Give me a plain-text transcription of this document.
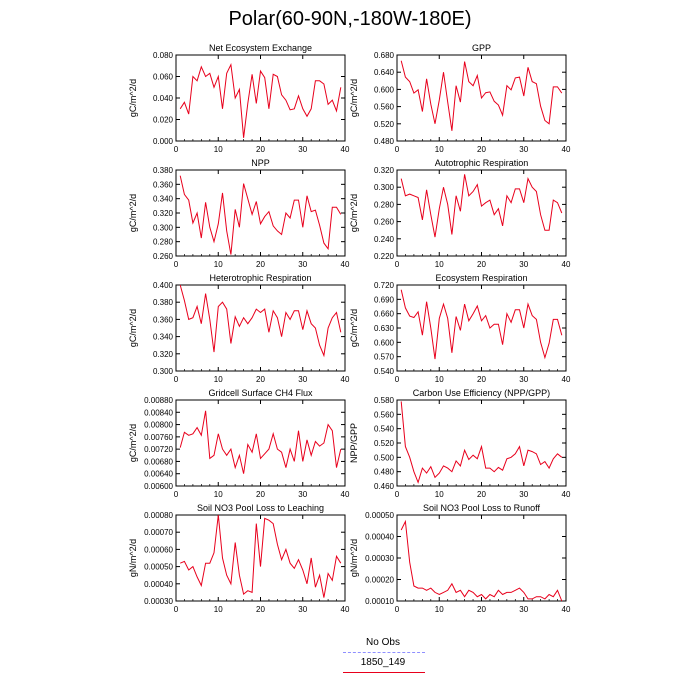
Polar(60-90N,-180W-180E)
Net Ecosystem Exchange
gC/m^2/d
0.000
0.020
0.040
0.060
0.080
0	10	20	30	40
GPP
gC/m^2/d
0.480
0.520
0.560
0.600
0.640
0.680
0	10	20	30	40
NPP
gC/m^2/d
0.260
0.280
0.300
0.320
0.340
0.360
0.380
0	10	20	30	40
Autotrophic Respiration
gC/m^2/d
0.220
0.240
0.260
0.280
0.300
0.320
0	10	20	30	40
Heterotrophic Respiration
gC/m^2/d
0.300
0.320
0.340
0.360
0.380
0.400
0	10	20	30	40
Ecosystem Respiration
gC/m^2/d
0.540
0.570
0.600
0.630
0.660
0.690
0.720
0	10	20	30	40
Gridcell Surface CH4 Flux
gC/m^2/d
0.00600
0.00640
0.00680
0.00720
0.00760
0.00800
0.00840
0.00880
0	10	20	30	40
Carbon Use Efficiency (NPP/GPP)
NPP/GPP
0.460
0.480
0.500
0.520
0.540
0.560
0.580
0	10	20	30	40
Soil NO3 Pool Loss to Leaching
gN/m^2/d
0.00030
0.00040
0.00050
0.00060
0.00070
0.00080
0	10	20	30	40
Soil NO3 Pool Loss to Runoff
gN/m^2/d
0.00010
0.00020
0.00030
0.00040
0.00050
0	10	20	30	40
No Obs
1850_149
